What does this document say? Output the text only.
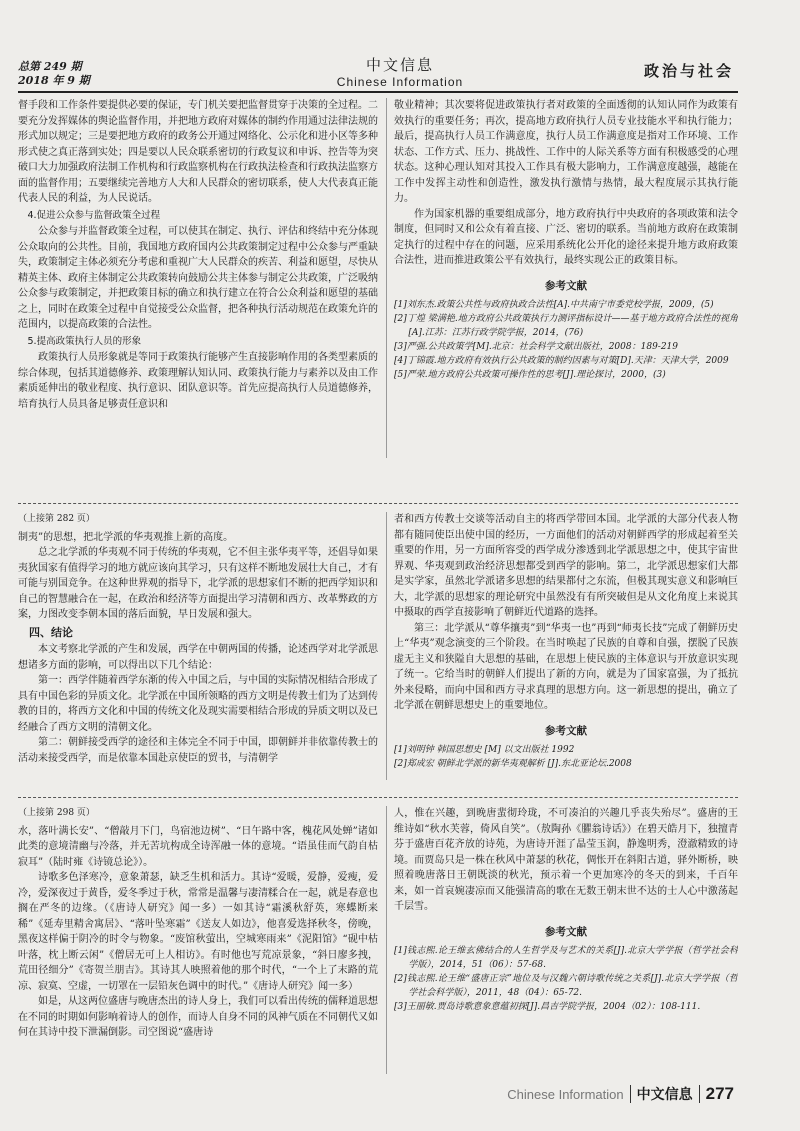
总第 249 期
2018 年 9 期
中文信息
Chinese Information
政治与社会

督手段和工作条件要提供必要的保证，专门机关要把监督贯穿于决策的全过程。二要充分发挥媒体的舆论监督作用，并把地方政府对媒体的制约作用通过法律法规的形式加以规定；三是要把地方政府的政务公开通过网络化、公示化和进小区等多种形式使之真正落到实处；四是要以人民众联系密切的行政复议和申诉、控告等为突破口大力加强政府法制工作机构和行政监察机构在行政执法检查和行政执法监察方面的监督作用；五要继续完善地方人大和人民群众的密切联系，使人大代表真正能代表人民的利益，为人民说话。

4.促进公众参与监督政策全过程

公众参与并监督政策全过程，可以使其在制定、执行、评估和终结中充分体现公众取向的公共性。目前，我国地方政府国内公共政策制定过程中公众参与严重缺失，政策制定主体必须充分考虑和重视广大人民群众的疾苦、利益和愿望，尽快从精英主体、政府主体制定公共政策转向鼓励公共主体参与制定公共政策，广泛吸纳公众参与政策制定，并把政策目标的确立和执行建立在符合公众利益和愿望的基础之上，同时在政策全过程中自觉接受公众监督，把各种执行活动规范在政策允许的范围内，以提高政策的合法性。

5.提高政策执行人员的形象

政策执行人员形象就是等同于政策执行能够产生直接影响作用的各类型素质的综合体现，包括其道德修养、政策理解认知认同、政策执行能力与素养以及由工作素质延伸出的敬业程度、执行意识、团队意识等。首先应提高执行人员道德修养，培育执行人员具备足够责任意识和

敬业精神；其次要将促进政策执行者对政策的全面透彻的认知认同作为政策有效执行的重要任务；再次，提高地方政府执行人员专业技能水平和执行能力；最后，提高执行人员工作满意度，执行人员工作满意度是指对工作环境、工作状态、工作方式、压力、挑战性、工作中的人际关系等方面有积极感受的心理状态。这种心理认知对其投入工作具有极大影响力，工作满意度越强，越能在工作中发挥主动性和创造性，激发执行激情与热情，最大程度展示其执行能力。

作为国家机器的重要组成部分，地方政府执行中央政府的各项政策和法令制度，但同时又和公众有着直接、广泛、密切的联系。当前地方政府在政策制定执行的过程中存在的问题，应采用系统化公开化的途径来提升地方政府政策合法性，进而推进政策公平有效执行，最终实现公正的政策目标。

参考文献
[1]刘东杰.政策公共性与政府执政合法性[A].中共南宁市委党校学报，2009，(5)
[2]丁煌 梁满艳.地方政府公共政策执行力测评指标设计——基于地方政府合法性的视角[A].江苏：江苏行政学院学报，2014，(76)
[3]严强.公共政策学[M].北京：社会科学文献出版社，2008：189-219
[4]丁锦霞.地方政府有效执行公共政策的制约因素与对策[D].天津：天津大学，2009
[5]严荣.地方政府公共政策可操作性的思考[J].理论探讨，2000，(3)
（上接第 282 页）

制夷”的思想，把北学派的华夷观推上新的高度。

总之北学派的华夷观不同于传统的华夷观，它不但主张华夷平等，还倡导如果夷狄国家有值得学习的地方就应该向其学习，只有这样不断地发展壮大自己，才有可能与别国竞争。在这种世界观的指导下，北学派的思想家们不断的把西学知识和自己的智慧融合在一起，在政治和经济等方面提出学习清朝和西方、改革弊政的方案，力图改变李朝本国的落后面貌，早日发展和强大。

四、结论

本文考察北学派的产生和发展，西学在中朝两国的传播，论述西学对北学派思想诸多方面的影响，可以得出以下几个结论：

第一：西学伴随着西学东渐的传入中国之后，与中国的实际情况相结合形成了具有中国色彩的异质文化。北学派在中国所领略的西方文明是传教士们为了达到传教的目的，将西方文化和中国的传统文化及现实需要相结合形成的异质文明以及已经融合了西方文明的清朝文化。

第二：朝鲜接受西学的途径和主体完全不同于中国，即朝鲜并非依靠传教士的活动来接受西学，而是依靠本国赴京使臣的贸书，与清朝学

者和西方传教士交谈等活动自主的将西学带回本国。北学派的大部分代表人物都有随同使臣出使中国的经历，一方面他们的活动对朝鲜西学的形成起着至关重要的作用，另一方面所容受的西学成分渗透到北学派思想之中，使其宇宙世界观、华夷观到政治经济思想都受到西学的影响。第二，北学派思想家们大都是实学家，虽然北学派诸多思想的结果都付之东流，但极其现实意义和影响巨大，北学派的思想家的理论研究中虽然没有有所突破但是从文化角度上来说其中摄取的西学直接影响了朝鲜近代道路的选择。

第三：北学派从“尊华攘夷”到“华夷一也”再到“师夷长技”完成了朝鲜历史上“华夷”观念演变的三个阶段。在当时唤起了民族的自尊和自强，摆脱了民族虚无主义和狭隘自大思想的基础，在思想上使民族的主体意识与开放意识实现了统一。它给当时的朝鲜人们提出了新的方向，就是为了国家富强，为了抵抗外来侵略，而向中国和西方寻求真理的思想方向。这一新思想的提出，确立了北学派在朝鲜思想史上的重要地位。

参考文献
[1]刘明钟 韩国思想史 [M] 以文出版社 1992
[2]郑成宏 朝鲜北学派的新华夷观解析 [J].东北亚论坛.2008
（上接第 298 页）

水，落叶满长安”、“僧敲月下门，鸟宿池边树”、“日午路中客，槐花风处蝉”诸如此类的意境清幽与冷落，并无苦坑构成全诗浑融一体的意境。“语虽佳而气韵自枯寂耳”（陆时雍《诗镜总论》）。

诗歌多色泽寒冷，意象萧瑟，缺乏生机和活力。其诗“爱暖，爱静，爱瘦，爱冷，爱深夜过于黄昏，爱冬季过于秋，常常是温馨与凄清糅合在一起，就是春意也搁在严冬的边缘。（《唐诗人研究》闻一多）一如其诗“霜溪秋舒英，寒蝶断来稀”《延寿里精舍寓居》、“落叶坠寒霜”《送友人如边》，他喜爱选择秋冬，傍晚，黑夜这样偏于阴冷的时令与物象。“废馆秋萤出，空城寒雨来”《泥阳馆》“砚中枯叶落，枕上断云闲”《僧居无可上人相访》。有时他也写荒凉景象，“斜日廖多拽，荒田径细分”《寄贺兰朋吉》。其诗其人映照着他的那个时代，“一个上了末路的荒凉、寂寞、空虚，一切罩在一层铅灰色调中的时代。”《唐诗人研究》闻一多）

如是，从这两位盛唐与晚唐杰出的诗人身上，我们可以看出传统的儒释道思想在不同的时期如何影响着诗人的创作，而诗人自身不同的风神气质在不同朝代又如何在其诗中投下泄漏倒影。司空图说“盛唐诗

人，惟在兴趣，到晚唐蜚彻玲珑，不可凑泊的兴趣几乎丧失殆尽”。盛唐的王维诗如“秋水芙蓉，倚风自笑”。（敖陶孙《臞翁诗话》）在碧天皓月下，独擅青芬于盛唐百花齐放的诗苑，为唐诗开涯了晶莹玉润，静逸明秀，澄澈精致的诗境。而贾岛只是一株在秋风中萧瑟的秋花，倜怅开在斜阳古道，驿外断桥，映照着晚唐落日王朝既淡的秋光，预示着一个更加寒冷的冬天的到来，千百年来，如一首哀婉凄凉而又能强清高的歌在无数王朝末世不达的士人心中激荡起千层雪。

参考文献
[1]钱志熙.论王维玄佛结合的人生哲学及与艺术的关系[J].北京大学学报（哲学社会科学版），2014，51（06）：57-68.
[2]钱志熙.论王维“盛唐正宗”地位及与汉魏六朝诗歌传统之关系[J].北京大学学报（哲学社会科学版），2011，48（04）：65-72.
[3]王丽敏.贾岛诗歌意象意蕴初探[J].昌吉学院学报，2004（02）：108-111.
Chinese Information 中文信息 277
